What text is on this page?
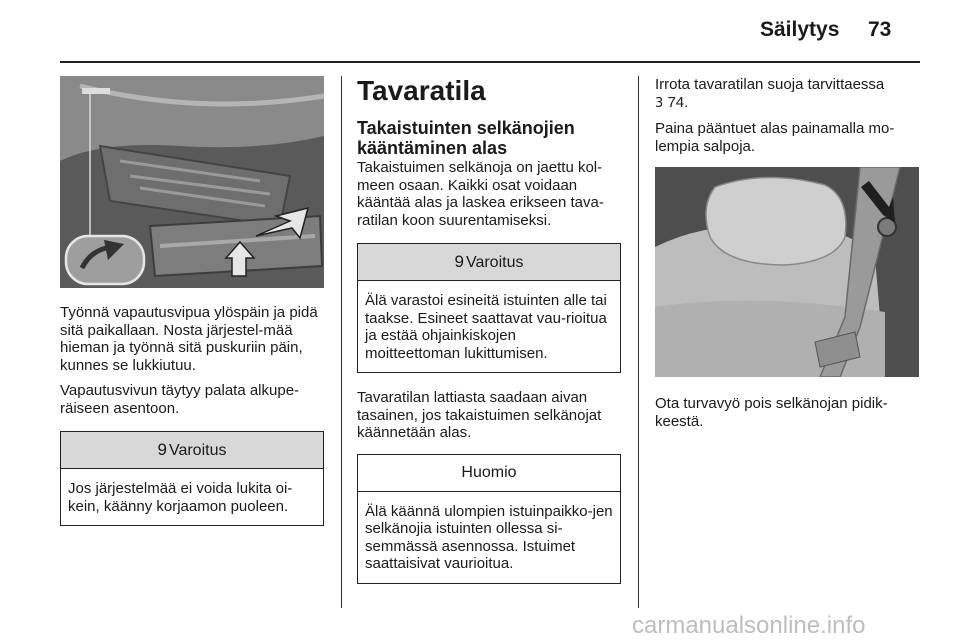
Säilytys 73

Työnnä vapautusvipua ylöspäin ja pidä sitä paikallaan. Nosta järjestel-mää hieman ja työnnä sitä puskuriin päin, kunnes se lukkiutuu.

Vapautusvivun täytyy palata alkupe-räiseen asentoon.

9 Varoitus
Jos järjestelmää ei voida lukita oi-kein, käänny korjaamon puoleen.
Tavaratila
Takaistuinten selkänojien kääntäminen alas

Takaistuimen selkänoja on jaettu kol-meen osaan. Kaikki osat voidaan kääntää alas ja laskea erikseen tava-ratilan koon suurentamiseksi.

9 Varoitus
Älä varastoi esineitä istuinten alle tai taakse. Esineet saattavat vau-rioitua ja estää ohjainkiskojen moitteettoman lukittumisen.

Tavaratilan lattiasta saadaan aivan tasainen, jos takaistuimen selkänojat käännetään alas.

Huomio
Älä käännä ulompien istuinpaikko-jen selkänojia istuinten ollessa si-semmässä asennossa. Istuimet saattaisivat vaurioitua.

Irrota tavaratilan suoja tarvittaessa
3 74.

Paina pääntuet alas painamalla mo-lempia salpoja.

Ota turvavyö pois selkänojan pidik-keestä.

carmanualsonline.info
